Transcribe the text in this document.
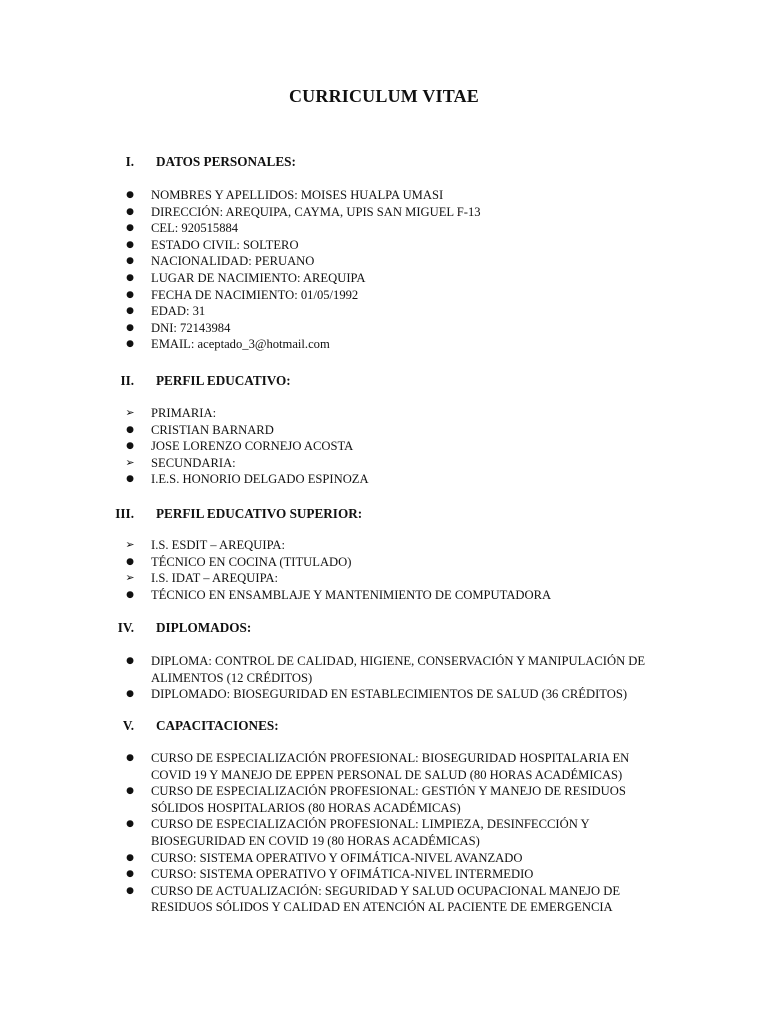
CURRICULUM VITAE
I. DATOS PERSONALES:
● NOMBRES Y APELLIDOS: MOISES HUALPA UMASI
● DIRECCIÓN: AREQUIPA, CAYMA, UPIS SAN MIGUEL F-13
● CEL: 920515884
● ESTADO CIVIL: SOLTERO
● NACIONALIDAD: PERUANO
● LUGAR DE NACIMIENTO: AREQUIPA
● FECHA DE NACIMIENTO: 01/05/1992
● EDAD: 31
● DNI: 72143984
● EMAIL: aceptado_3@hotmail.com
II. PERFIL EDUCATIVO:
➢ PRIMARIA:
● CRISTIAN BARNARD
● JOSE LORENZO CORNEJO ACOSTA
➢ SECUNDARIA:
● I.E.S. HONORIO DELGADO ESPINOZA
III. PERFIL EDUCATIVO SUPERIOR:
➢ I.S. ESDIT – AREQUIPA:
● TÉCNICO EN COCINA (TITULADO)
➢ I.S. IDAT – AREQUIPA:
● TÉCNICO EN ENSAMBLAJE Y MANTENIMIENTO DE COMPUTADORA
IV. DIPLOMADOS:
● DIPLOMA: CONTROL DE CALIDAD, HIGIENE, CONSERVACIÓN Y MANIPULACIÓN DE ALIMENTOS (12 CRÉDITOS)
● DIPLOMADO: BIOSEGURIDAD EN ESTABLECIMIENTOS DE SALUD (36 CRÉDITOS)
V. CAPACITACIONES:
● CURSO DE ESPECIALIZACIÓN PROFESIONAL: BIOSEGURIDAD HOSPITALARIA EN COVID 19 Y MANEJO DE EPPEN PERSONAL DE SALUD (80 HORAS ACADÉMICAS)
● CURSO DE ESPECIALIZACIÓN PROFESIONAL: GESTIÓN Y MANEJO DE RESIDUOS SÓLIDOS HOSPITALARIOS (80 HORAS ACADÉMICAS)
● CURSO DE ESPECIALIZACIÓN PROFESIONAL: LIMPIEZA, DESINFECCIÓN Y BIOSEGURIDAD EN COVID 19 (80 HORAS ACADÉMICAS)
● CURSO: SISTEMA OPERATIVO Y OFIMÁTICA-NIVEL AVANZADO
● CURSO: SISTEMA OPERATIVO Y OFIMÁTICA-NIVEL INTERMEDIO
● CURSO DE ACTUALIZACIÓN: SEGURIDAD Y SALUD OCUPACIONAL MANEJO DE RESIDUOS SÓLIDOS Y CALIDAD EN ATENCIÓN AL PACIENTE DE EMERGENCIA
